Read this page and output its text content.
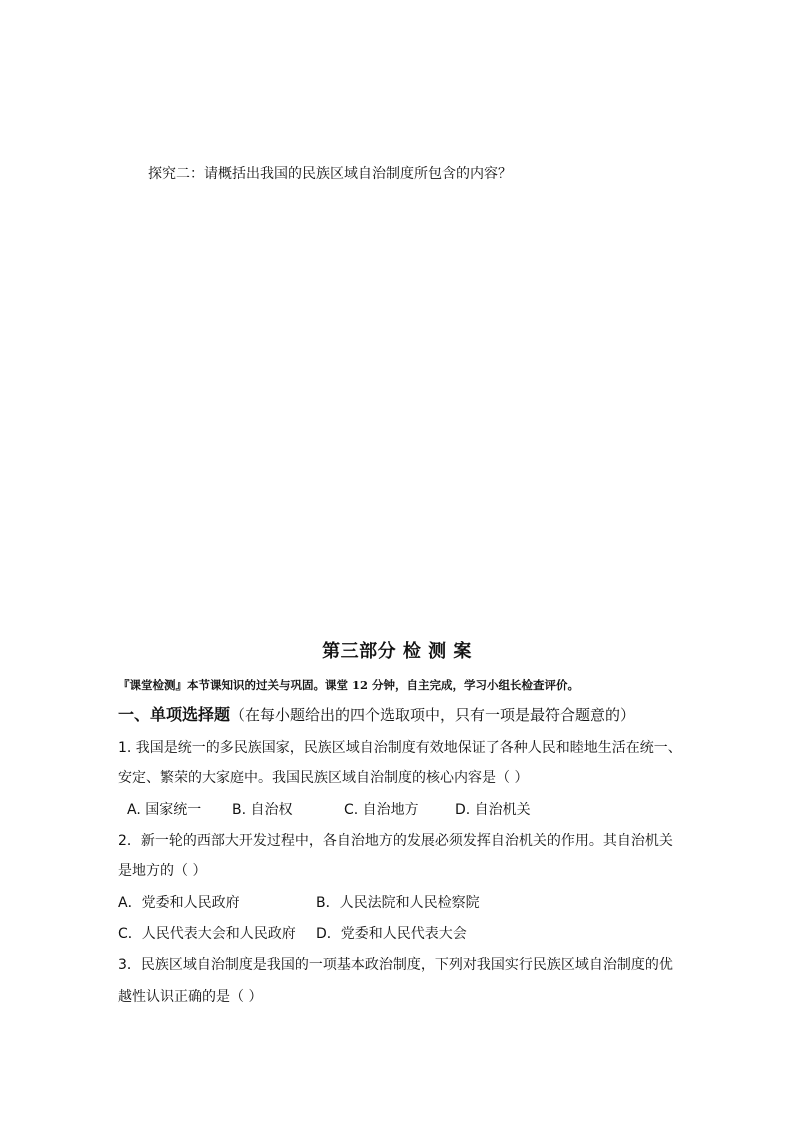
探究二：请概括出我国的民族区域自治制度所包含的内容？
第三部分 检 测 案
『课堂检测』本节课知识的过关与巩固。课堂 12 分钟，自主完成，学习小组长检查评价。
一、单项选择题（在每小题给出的四个选取项中，只有一项是最符合题意的）
1. 我国是统一的多民族国家，民族区域自治制度有效地保证了各种人民和睦地生活在统一、
安定、繁荣的大家庭中。我国民族区域自治制度的核心内容是（ ）
A. 国家统一 B. 自治权	C. 自治地方	D. 自治机关
2．新一轮的西部大开发过程中，各自治地方的发展必须发挥自治机关的作用。其自治机关
是地方的（ ）
A．党委和人民政府	B．人民法院和人民检察院
C．人民代表大会和人民政府 D．党委和人民代表大会
3．民族区域自治制度是我国的一项基本政治制度，下列对我国实行民族区域自治制度的优
越性认识正确的是（ ）
